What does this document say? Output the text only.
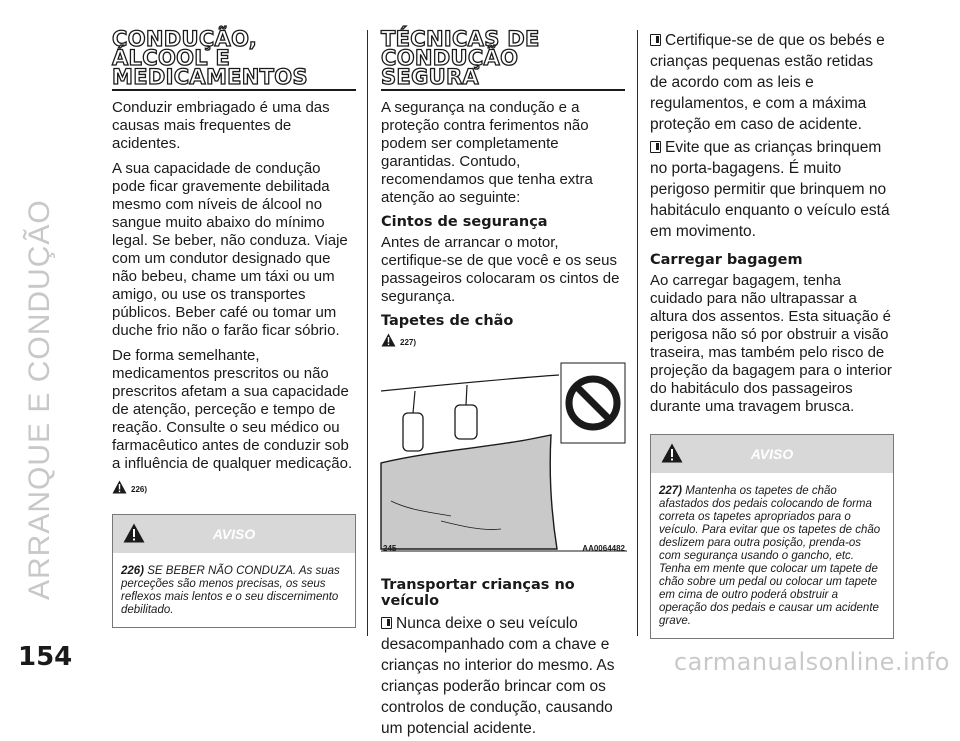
ARRANQUE E CONDUÇÃO
CONDUÇÃO,
ÁLCOOL E
MEDICAMENTOS

Conduzir embriagado é uma das causas mais frequentes de acidentes.

A sua capacidade de condução pode ficar gravemente debilitada mesmo com níveis de álcool no sangue muito abaixo do mínimo legal. Se beber, não conduza. Viaje com um condutor designado que não bebeu, chame um táxi ou um amigo, ou use os transportes públicos. Beber café ou tomar um duche frio não o farão ficar sóbrio.

De forma semelhante, medicamentos prescritos ou não prescritos afetam a sua capacidade de atenção, perceção e tempo de reação. Consulte o seu médico ou farmacêutico antes de conduzir sob a influência de qualquer medicação.

226)
AVISO
226) SE BEBER NÃO CONDUZA. As suas perceções são menos precisas, os seus reflexos mais lentos e o seu discernimento debilitado.
TÉCNICAS DE
CONDUÇÃO
SEGURA

A segurança na condução e a proteção contra ferimentos não podem ser completamente garantidas. Contudo, recomendamos que tenha extra atenção ao seguinte:

Cintos de segurança

Antes de arrancar o motor, certifique-se de que você e os seus passageiros colocaram os cintos de segurança.

Tapetes de chão
227)
245	AA0064482
Transportar crianças no veículo

Nunca deixe o seu veículo desacompanhado com a chave e crianças no interior do mesmo. As crianças poderão brincar com os controlos de condução, causando um potencial acidente.

Certifique-se de que os bebés e crianças pequenas estão retidas de acordo com as leis e regulamentos, e com a máxima proteção em caso de acidente.

Evite que as crianças brinquem no porta-bagagens. É muito perigoso permitir que brinquem no habitáculo enquanto o veículo está em movimento.

Carregar bagagem

Ao carregar bagagem, tenha cuidado para não ultrapassar a altura dos assentos. Esta situação é perigosa não só por obstruir a visão traseira, mas também pelo risco de projeção da bagagem para o interior do habitáculo dos passageiros durante uma travagem brusca.

AVISO
227) Mantenha os tapetes de chão afastados dos pedais colocando de forma correta os tapetes apropriados para o veículo. Para evitar que os tapetes de chão deslizem para outra posição, prenda-os com segurança usando o gancho, etc. Tenha em mente que colocar um tapete de chão sobre um pedal ou colocar um tapete em cima de outro poderá obstruir a operação dos pedais e causar um acidente grave.
154	carmanualsonline.info
